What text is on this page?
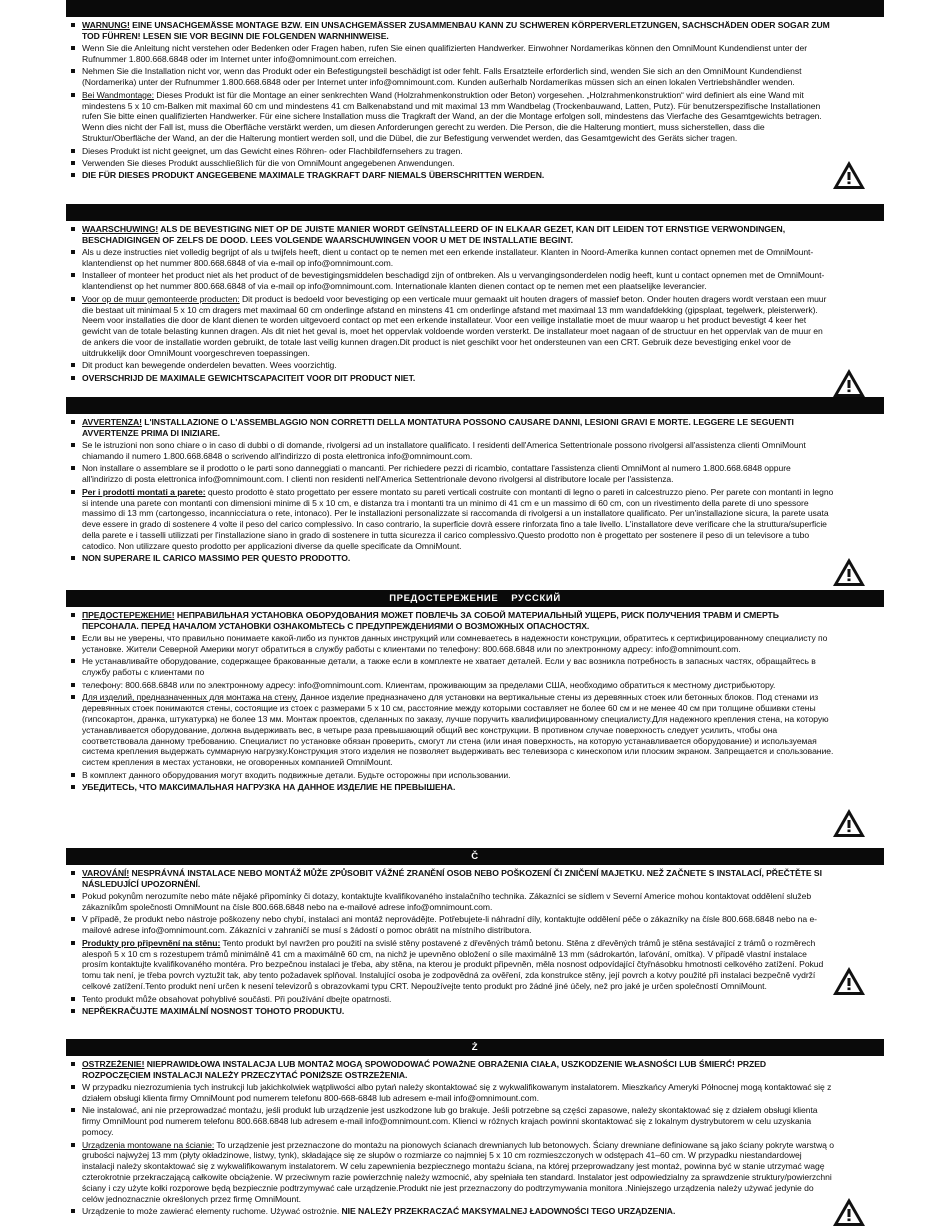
WARNUNG! EINE UNSACHGEMÄSSE MONTAGE BZW. EIN UNSACHGEMÄSSER ZUSAMMENBAU KANN ZU SCHWEREN KÖRPERVERLETZUNGEN, SACHSCHÄDEN ODER SOGAR ZUM TOD FÜHREN! LESEN SIE VOR BEGINN DIE FOLGENDEN WARNHINWEISE.
Wenn Sie die Anleitung nicht verstehen oder Bedenken oder Fragen haben, rufen Sie einen qualifizierten Handwerker. Einwohner Nordamerikas können den OmniMount Kundendienst unter der Rufnummer 1.800.668.6848 oder im Internet unter info@omnimount.com erreichen.
Nehmen Sie die Installation nicht vor, wenn das Produkt oder ein Befestigungsteil beschädigt ist oder fehlt. Falls Ersatzteile erforderlich sind, wenden Sie sich an den OmniMount Kundendienst (Nordamerika) unter der Rufnummer 1.800.668.6848 oder per Internet unter info@omnimount.com. Kunden außerhalb Nordamerikas müssen sich an einen lokalen Vertriebshändler wenden.
Bei Wandmontage: Dieses Produkt ist für die Montage an einer senkrechten Wand (Holzrahmenkonstruktion oder Beton) vorgesehen. „Holzrahmenkonstruktion“ wird definiert als eine Wand mit mindestens 5 x 10 cm-Balken mit maximal 60 cm und mindestens 41 cm Balkenabstand und mit maximal 13 mm Wandbelag (Trockenbauwand, Latten, Putz). Für benutzerspezifische Installationen rufen Sie bitte einen qualifizierten Handwerker. Für eine sichere Installation muss die Tragkraft der Wand, an der die Montage erfolgen soll, mindestens das Vierfache des Gesamtgewichts betragen. Wenn dies nicht der Fall ist, muss die Oberfläche verstärkt werden, um diesen Anforderungen gerecht zu werden. Die Person, die die Halterung montiert, muss sicherstellen, dass die Struktur/Oberfläche der Wand, an der die Halterung montiert werden soll, und die Dübel, die zur Befestigung verwendet werden, das Gesamtgewicht des Geräts sicher tragen.
Dieses Produkt ist nicht geeignet, um das Gewicht eines Röhren- oder Flachbildfernsehers zu tragen.
Verwenden Sie dieses Produkt ausschließlich für die von OmniMount angegebenen Anwendungen.
DIE FÜR DIESES PRODUKT ANGEGEBENE MAXIMALE TRAGKRAFT DARF NIEMALS ÜBERSCHRITTEN WERDEN.
WAARSCHUWING! ALS DE BEVESTIGING NIET OP DE JUISTE MANIER WORDT GEÏNSTALLEERD OF IN ELKAAR GEZET, KAN DIT LEIDEN TOT ERNSTIGE VERWONDINGEN, BESCHADIGINGEN OF ZELFS DE DOOD. LEES VOLGENDE WAARSCHUWINGEN VOOR U MET DE INSTALLATIE BEGINT.
Als u deze instructies niet volledig begrijpt of als u twijfels heeft, dient u contact op te nemen met een erkende installateur. Klanten in Noord-Amerika kunnen contact opnemen met de OmniMount-klantendienst op het nummer 800.668.6848 of via e-mail op info@omnimount.com.
Installeer of monteer het product niet als het product of de bevestigingsmiddelen beschadigd zijn of ontbreken. Als u vervangingsonderdelen nodig heeft, kunt u contact opnemen met de OmniMount-klantendienst op het nummer 800.668.6848 of via e-mail op info@omnimount.com. Internationale klanten dienen contact op te nemen met een plaatselijke leverancier.
Voor op de muur gemonteerde producten: Dit product is bedoeld voor bevestiging op een verticale muur gemaakt uit houten dragers of massief beton. Onder houten dragers wordt verstaan een muur die bestaat uit minimaal 5 x 10 cm dragers met maximaal 60 cm onderlinge afstand en minstens 41 cm onderlinge afstand met maximaal 13 mm wandafdekking (gipsplaat, tegelwerk, pleisterwerk). Neem voor installaties die door de klant dienen te worden uitgevoerd contact op met een erkende installateur. Voor een veilige installatie moet de muur waarop u het product bevestigt 4 keer het gewicht van de totale belasting kunnen dragen. Als dit niet het geval is, moet het oppervlak voldoende worden versterkt. De installateur moet nagaan of de structuur en het oppervlak van de muur en de ankers die voor de installatie worden gebruikt, de totale last veilig kunnen dragen.Dit product is niet geschikt voor het ondersteunen van een CRT. Gebruik deze bevestiging enkel voor de uitdrukkelijk door OmniMount voorgeschreven toepassingen.
Dit product kan bewegende onderdelen bevatten. Wees voorzichtig.
OVERSCHRIJD DE MAXIMALE GEWICHTSCAPACITEIT VOOR DIT PRODUCT NIET.
AVVERTENZA! L'INSTALLAZIONE O L'ASSEMBLAGGIO NON CORRETTI DELLA MONTATURA POSSONO CAUSARE DANNI, LESIONI GRAVI E MORTE. LEGGERE LE SEGUENTI AVVERTENZE PRIMA DI INIZIARE.
Se le istruzioni non sono chiare o in caso di dubbi o di domande, rivolgersi ad un installatore qualificato. I residenti dell'America Settentrionale possono rivolgersi all'assistenza clienti OmniMount chiamando il numero 1.800.668.6848 o scrivendo all'indirizzo di posta elettronica info@omnimount.com.
Non installare o assemblare se il prodotto o le parti sono danneggiati o mancanti. Per richiedere pezzi di ricambio, contattare l'assistenza clienti OmniMont al numero 1.800.668.6848 oppure all'indirizzo di posta elettronica info@omnimount.com. I clienti non residenti nell'America Settentrionale devono rivolgersi al distributore locale per l'assistenza.
Per i prodotti montati a parete: questo prodotto è stato progettato per essere montato su pareti verticali costruite con montanti di legno o pareti in calcestruzzo pieno. Per parete con montanti in legno si intende una parete con montanti con dimensioni minime di 5 x 10 cm, e distanza tra i montanti tra un minimo di 41 cm e un massimo di 60 cm, con un rivestimento della parete di uno spessore massimo di 13 mm (cartongesso, incannicciatura o rete, intonaco). Per le installazioni personalizzate si raccomanda di rivolgersi a un installatore qualificato. Per un'installazione sicura, la parete usata deve essere in grado di sostenere 4 volte il peso del carico complessivo. In caso contrario, la superficie dovrà essere rinforzata fino a tale livello. L'installatore deve verificare che la struttura/superficie della parete e i tasselli utilizzati per l'installazione siano in grado di sostenere in tutta sicurezza il carico complessivo.Questo prodotto non è progettato per sostenere il peso di un televisore a tubo catodico. Non utilizzare questo prodotto per applicazioni diverse da quelle specificate da OmniMount.
NON SUPERARE IL CARICO MASSIMO PER QUESTO PRODOTTO.
ПРЕДОСТЕРЕЖЕНИЕ    РУССКИЙ
ПРЕДОСТЕРЕЖЕНИЕ! НЕПРАВИЛЬНАЯ УСТАНОВКА ОБОРУДОВАНИЯ МОЖЕТ ПОВЛЕЧЬ ЗА СОБОЙ МАТЕРИАЛЬНЫЙ УЩЕРБ, РИСК ПОЛУЧЕНИЯ ТРАВМ И СМЕРТЬ ПЕРСОНАЛА. ПЕРЕД НАЧАЛОМ УСТАНОВКИ ОЗНАКОМЬТЕСЬ С ПРЕДУПРЕЖДЕНИЯМИ О ВОЗМОЖНЫХ ОПАСНОСТЯХ.
Если вы не уверены, что правильно понимаете какой-либо из пунктов данных инструкций или сомневаетесь в надежности конструкции, обратитесь к сертифицированному специалисту по установке. Жители Северной Америки могут обратиться в службу работы с клиентами по телефону: 800.668.6848 или по электронному адресу: info@omnimount.com.
Не устанавливайте оборудование, содержащее бракованные детали, а также если в комплекте не хватает деталей. Если у вас возникла потребность в запасных частях, обращайтесь в службу работы с клиентами по
телефону: 800.668.6848 или по электронному адресу: info@omnimount.com. Клиентам, проживающим за пределами США, необходимо обратиться к местному дистрибьютору.
Для изделий, предназначенных для монтажа на стену. Данное изделие предназначено для установки на вертикальные стены из деревянных стоек или бетонных блоков. Под стенами из деревянных стоек понимаются стены, состоящие из стоек с размерами 5 x 10 см, расстояние между которыми составляет не более 60 см и не менее 40 см при толщине обшивки стены (гипсокартон, дранка, штукатурка) не более 13 мм. Монтаж проектов, сделанных по заказу, лучше поручить квалифицированному специалисту.Для надежного крепления стена, на которую устанавливается оборудование, должна выдерживать вес, в четыре раза превышающий общий вес конструкции. В противном случае поверхность следует усилить, чтобы она соответствовала данному требованию. Специалист по установке обязан проверить, смогут ли стена (или иная поверхность, на которую устанавливается оборудование) и используемая система крепления выдержать суммарную нагрузку.Конструкция этого изделия не позволяет выдерживать вес телевизора с кинескопом или плоским экраном. Запрещается и спользование. систем крепления в местах установки, не оговоренных компанией OmniMount.
В комплект данного оборудования могут входить подвижные детали. Будьте осторожны при использовании.
УБЕДИТЕСЬ, ЧТО МАКСИМАЛЬНАЯ НАГРУЗКА НА ДАННОЕ ИЗДЕЛИЕ НЕ ПРЕВЫШЕНА.
Č
VAROVÁNÍ! NESPRÁVNÁ INSTALACE NEBO MONTÁŽ MŮŽE ZPŮSOBIT VÁŽNÉ ZRANĚNÍ OSOB NEBO POŠKOZENÍ ČI ZNIČENÍ MAJETKU. NEŽ ZAČNETE S INSTALACÍ, PŘEČTĚTE SI NÁSLEDUJÍCÍ UPOZORNĚNÍ.
Pokud pokynům nerozumíte nebo máte nějaké připomínky či dotazy, kontaktujte kvalifikovaného instalačního technika. Zákazníci se sídlem v Severní Americe mohou kontaktovat oddělení služeb zákazníkům společnosti OmniMount na čísle 800.668.6848 nebo na e-mailové adrese info@omnimount.com.
V případě, že produkt nebo nástroje poškozeny nebo chybí, instalaci ani montáž neprovádějte. Potřebujete-li náhradní díly, kontaktujte oddělení péče o zákazníky na čísle 800.668.6848 nebo na e-mailové adrese info@omnimount.com. Zákazníci v zahraničí se musí s žádostí o pomoc obrátit na místního distributora.
Produkty pro připevnění na stěnu: Tento produkt byl navržen pro použití na svislé stěny postavené z dřevěných trámů betonu. Stěna z dřevěných trámů je stěna sestávající z trámů o rozměrech alespoň 5 x 10 cm s rozestupem trámů minimálně 41 cm a maximálně 60 cm, na nichž je upevněno obložení o síle maximálně 13 mm (sádrokartón, laťování, omítka). V případě vlastní instalace prosím kontaktujte kvalifikovaného montéra. Pro bezpečnou instalaci je třeba, aby stěna, na kterou je produkt připevněn, měla nosnost odpovídající čtyřnásobku hmotnosti celkového zatížení. Pokud tomu tak není, je třeba povrch vyztužit tak, aby tento požadavek splňoval. Instalující osoba je zodpovědná za ověření, zda konstrukce stěny, její povrch a kotvy použité při instalaci bezpečně vydrží celkové zatížení.Tento produkt není určen k nesení televizorů s obrazovkami typu CRT. Nepoužívejte tento produkt pro žádné jiné účely, než pro jaké je určen společností OmniMount.
Tento produkt může obsahovat pohyblivé součásti. Při používání dbejte opatrnosti.
NEPŘEKRAČUJTE MAXIMÁLNÍ NOSNOST TOHOTO PRODUKTU.
Ż
OSTRZEŻENIE! NIEPRAWIDŁOWA INSTALACJA LUB MONTAŻ MOGĄ SPOWODOWAĆ POWAŻNE OBRAŻENIA CIAŁA, USZKODZENIE WŁASNOŚCI LUB ŚMIERĆ! PRZED ROZPOCZĘCIEM INSTALACJI NALEŻY PRZECZYTAĆ PONIŻSZE OSTRZEŻENIA.
W przypadku niezrozumienia tych instrukcji lub jakichkolwiek wątpliwości albo pytań należy skontaktować się z wykwalifikowanym instalatorem. Mieszkańcy Ameryki Północnej mogą kontaktować się z działem obsługi klienta firmy OmniMount pod numerem telefonu 800-668-6848 lub adresem e-mail info@omnimount.com.
Nie instalować, ani nie przeprowadzać montażu, jeśli produkt lub urządzenie jest uszkodzone lub go brakuje. Jeśli potrzebne są części zapasowe, należy skontaktować się z działem obsługi klienta firmy OmniMount pod numerem telefonu 800.668.6848 lub adresem e-mail info@omnimount.com. Klienci w różnych krajach powinni skontaktować się z lokalnym dystrybutorem w celu uzyskania pomocy.
Urządzenia montowane na ścianie: To urządzenie jest przeznaczone do montażu na pionowych ścianach drewnianych lub betonowych. Ściany drewniane definiowane są jako ściany pokryte warstwą o grubości najwyżej 13 mm (płyty okładzinowe, listwy, tynk), składające się ze słupów o rozmiarze co najmniej 5 x 10 cm rozmieszczonych w odstępach 41–60 cm. W przypadku niestandardowej instalacji należy skontaktować się z wykwalifikowanym instalatorem. W celu zapewnienia bezpiecznego montażu ściana, na której przeprowadzany jest montaż, powinna być w stanie utrzymać wagę czterokrotnie przekraczającą całkowite obciążenie. W przeciwnym razie powierzchnię należy wzmocnić, aby spełniała ten standard. Instalator jest odpowiedzialny za sprawdzenie struktury/powierzchni ściany i czy użyte kołki rozporowe będą bezpiecznie podtrzymywać całe urządzenie.Produkt nie jest przeznaczony do podtrzymywania monitora .Niniejszego urządzenia należy używać jedynie do celów jednoznacznie określonych przez firmę OmniMount.
Urządzenie to może zawierać elementy ruchome. Używać ostrożnie. NIE NALEŻY PRZEKRACZAĆ MAKSYMALNEJ ŁADOWNOŚCI TEGO URZĄDZENIA.
